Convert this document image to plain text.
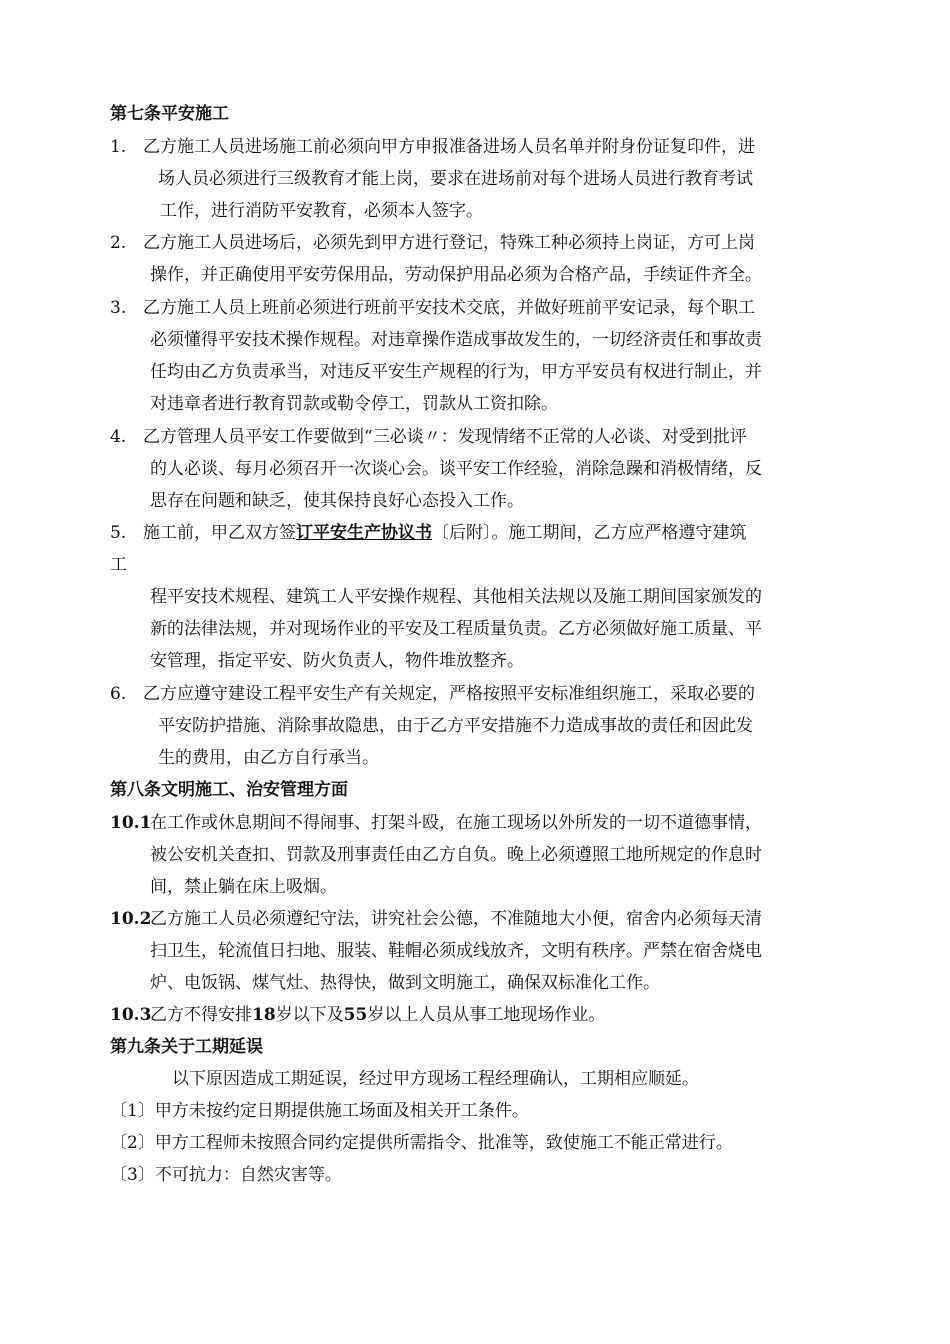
第七条平安施工
1. 乙方施工人员进场施工前必须向甲方申报准备进场人员名单并附身份证复印件，进
场人员必须进行三级教育才能上岗，要求在进场前对每个进场人员进行教育考试
工作，进行消防平安教育，必须本人签字。
2. 乙方施工人员进场后，必须先到甲方进行登记，特殊工种必须持上岗证，方可上岗
操作，并正确使用平安劳保用品，劳动保护用品必须为合格产品，手续证件齐全。
3. 乙方施工人员上班前必须进行班前平安技术交底，并做好班前平安记录，每个职工
必须懂得平安技术操作规程。对违章操作造成事故发生的，一切经济责任和事故责
任均由乙方负责承当，对违反平安生产规程的行为，甲方平安员有权进行制止，并
对违章者进行教育罚款或勒令停工，罚款从工资扣除。
4. 乙方管理人员平安工作要做到“三必谈〃：发现情绪不正常的人必谈、对受到批评
的人必谈、每月必须召开一次谈心会。谈平安工作经验，消除急躁和消极情绪，反
思存在问题和缺乏，使其保持良好心态投入工作。
5. 施工前，甲乙双方签订平安生产协议书〔后附〕。施工期间，乙方应严格遵守建筑
工
程平安技术规程、建筑工人平安操作规程、其他相关法规以及施工期间国家颁发的
新的法律法规，并对现场作业的平安及工程质量负责。乙方必须做好施工质量、平
安管理，指定平安、防火负责人，物件堆放整齐。
6. 乙方应遵守建设工程平安生产有关规定，严格按照平安标准组织施工，采取必要的
平安防护措施、消除事故隐患，由于乙方平安措施不力造成事故的责任和因此发
生的费用，由乙方自行承当。
第八条文明施工、治安管理方面
10.1
在工作或休息期间不得闹事、打架斗殴，在施工现场以外所发的一切不道德事情，
被公安机关查扣、罚款及刑事责任由乙方自负。晚上必须遵照工地所规定的作息时
间，禁止躺在床上吸烟。
10.2
乙方施工人员必须遵纪守法，讲究社会公德，不准随地大小便，宿舍内必须每天清
扫卫生，轮流值日扫地、服装、鞋帽必须成线放齐，文明有秩序。严禁在宿舍烧电
炉、电饭锅、煤气灶、热得快，做到文明施工，确保双标准化工作。
10.3
乙方不得安排18岁以下及55岁以上人员从事工地现场作业。
第九条关于工期延误
以下原因造成工期延误，经过甲方现场工程经理确认，工期相应顺延。
〔1〕甲方未按约定日期提供施工场面及相关开工条件。
〔2〕甲方工程师未按照合同约定提供所需指令、批准等，致使施工不能正常进行。
〔3〕不可抗力：自然灾害等。
